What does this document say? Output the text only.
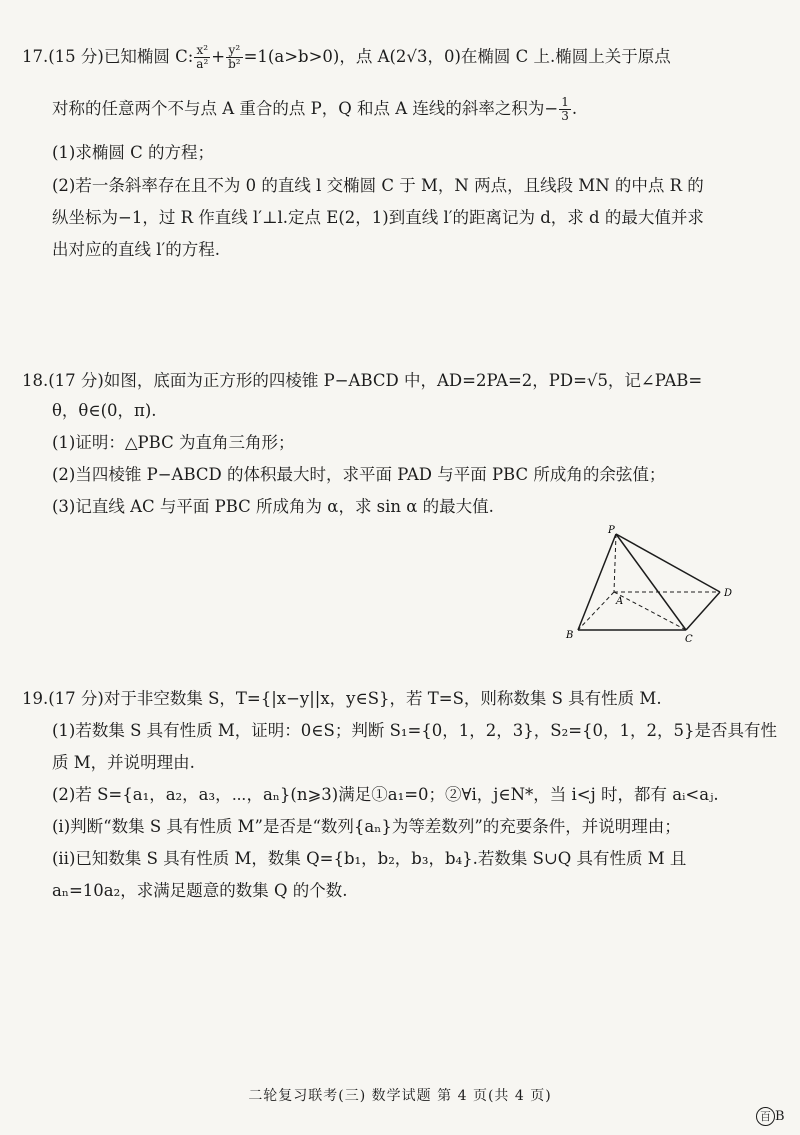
17.(15 分)已知椭圆 C: $\frac{\text{x²}}{\text{a²}} + \frac{\text{y²}}{\text{b²}} =1(a>b>0)$，点 A(2√3，0)在椭圆 C 上.椭圆上关于原点
对称的任意两个不与点 A 重合的点 P，Q 和点 A 连线的斜率之积为− $\frac{1}{3}$ .
(1)求椭圆 C 的方程；
(2)若一条斜率存在且不为 0 的直线 l 交椭圆 C 于 M，N 两点，且线段 MN 的中点 R 的
纵坐标为−1，过 R 作直线 l′⊥l.定点 E(2，1)到直线 l′的距离记为 d，求 d 的最大值并求
出对应的直线 l′的方程.
18.(17 分)如图，底面为正方形的四棱锥 P−ABCD 中，AD=2PA=2，PD=√5，记∠PAB=
θ，θ∈(0，π).
(1)证明：△PBC 为直角三角形；
(2)当四棱锥 P−ABCD 的体积最大时，求平面 PAD 与平面 PBC 所成角的余弦值；
(3)记直线 AC 与平面 PBC 所成角为 α，求 sin α 的最大值.
P
A
B	C
D
19.(17 分)对于非空数集 S，T={|x−y||x，y∈S}，若 T=S，则称数集 S 具有性质 M.
(1)若数集 S 具有性质 M，证明：0∈S；判断 S₁={0，1，2，3}，S₂={0，1，2，5}是否具有性
质 M，并说明理由.
(2)若 S={a₁，a₂，a₃，⋯，aₙ}(n⩾3)满足①a₁=0；②∀i，j∈N*，当 i<j 时，都有 aᵢ<aⱼ.
(ⅰ)判断“数集 S 具有性质 M”是否是“数列{aₙ}为等差数列”的充要条件，并说明理由；
(ⅱ)已知数集 S 具有性质 M，数集 Q={b₁，b₂，b₃，b₄}.若数集 S∪Q 具有性质 M 且
aₙ=10a₂，求满足题意的数集 Q 的个数.
二轮复习联考(三) 数学试题 第 4 页(共 4 页)
百 B
